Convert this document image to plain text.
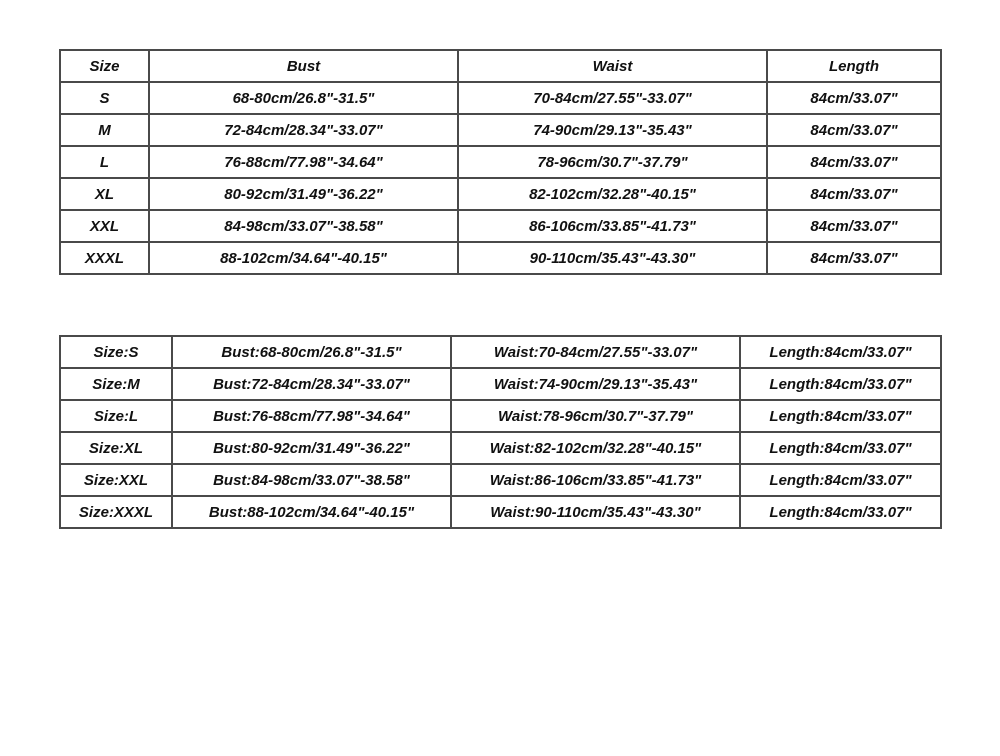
Size	Bust	Waist	Length
S	68-80cm/26.8"-31.5"	70-84cm/27.55"-33.07"	84cm/33.07"
M	72-84cm/28.34"-33.07"	74-90cm/29.13"-35.43"	84cm/33.07"
L	76-88cm/77.98"-34.64"	78-96cm/30.7"-37.79"	84cm/33.07"
XL	80-92cm/31.49"-36.22"	82-102cm/32.28"-40.15"	84cm/33.07"
XXL	84-98cm/33.07"-38.58"	86-106cm/33.85"-41.73"	84cm/33.07"
XXXL	88-102cm/34.64"-40.15"	90-110cm/35.43"-43.30"	84cm/33.07"
Size:S	Bust:68-80cm/26.8"-31.5"	Waist:70-84cm/27.55"-33.07"	Length:84cm/33.07"
Size:M	Bust:72-84cm/28.34"-33.07"	Waist:74-90cm/29.13"-35.43"	Length:84cm/33.07"
Size:L	Bust:76-88cm/77.98"-34.64"	Waist:78-96cm/30.7"-37.79"	Length:84cm/33.07"
Size:XL	Bust:80-92cm/31.49"-36.22"	Waist:82-102cm/32.28"-40.15"	Length:84cm/33.07"
Size:XXL	Bust:84-98cm/33.07"-38.58"	Waist:86-106cm/33.85"-41.73"	Length:84cm/33.07"
Size:XXXL	Bust:88-102cm/34.64"-40.15"	Waist:90-110cm/35.43"-43.30"	Length:84cm/33.07"
